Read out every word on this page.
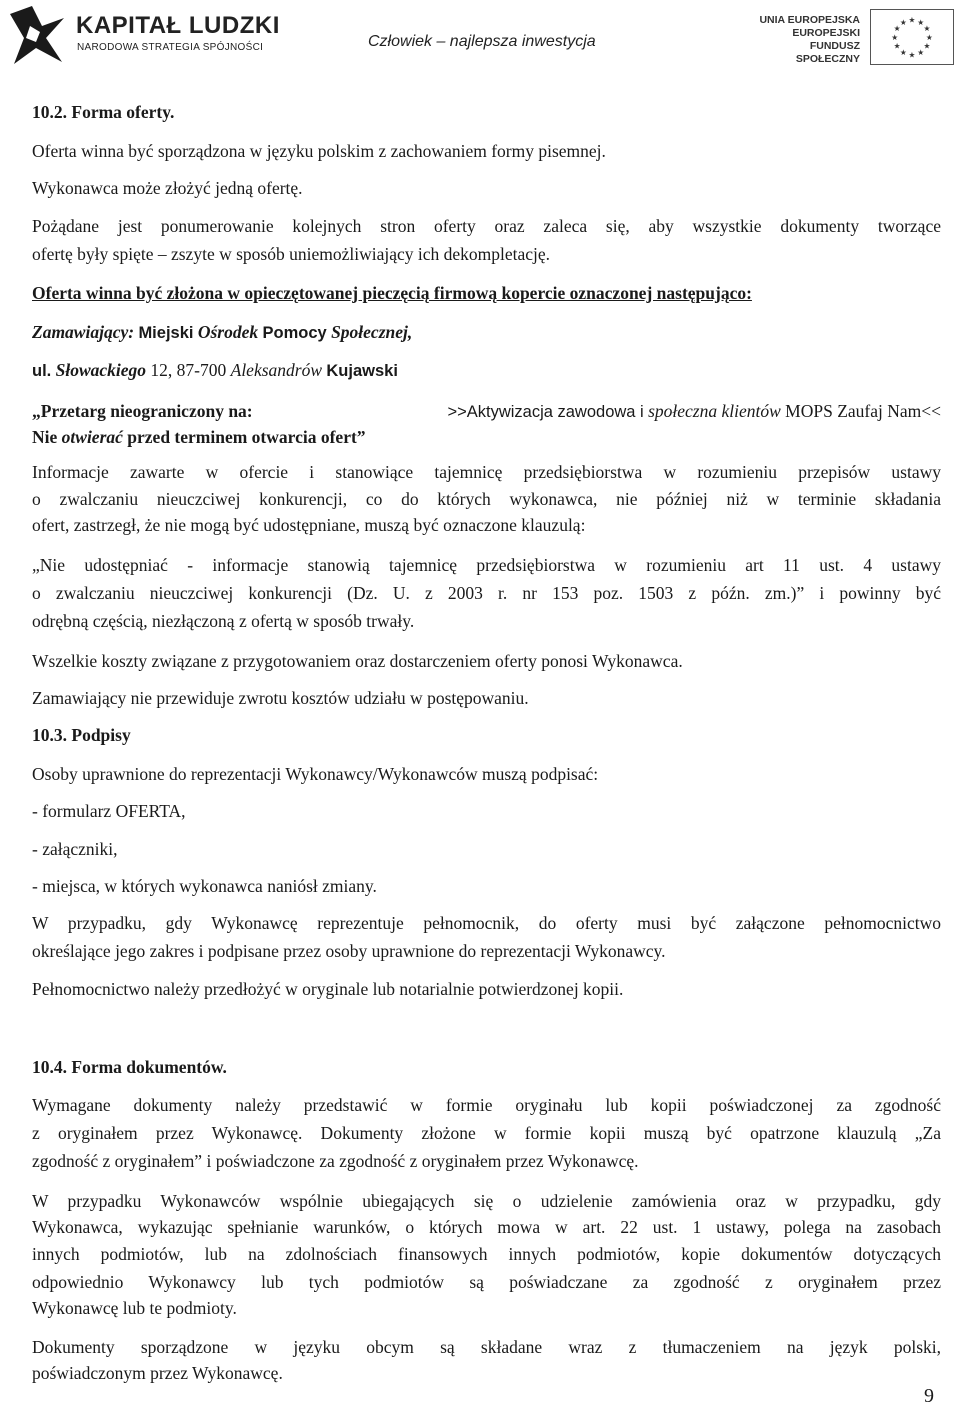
KAPITAŁ LUDZKI
NARODOWA STRATEGIA SPÓJNOŚCI	Człowiek – najlepsza inwestycja
UNIA EUROPEJSKA
EUROPEJSKI
FUNDUSZ SPOŁECZNY
★ ★
★
★
★
★
★
★
★
★
★
★
10.2. Forma oferty.
Oferta winna być sporządzona w języku polskim z zachowaniem formy pisemnej.
Wykonawca może złożyć jedną ofertę.
Pożądane jest ponumerowanie kolejnych stron oferty oraz zaleca się, aby wszystkie dokumenty tworzące
ofertę były spięte – zszyte w sposób uniemożliwiający ich dekompletację.
Oferta winna być złożona w opieczętowanej pieczęcią firmową kopercie oznaczonej następująco:
Zamawiający: Miejski Ośrodek Pomocy Społecznej,
ul. Słowackiego 12, 87-700 Aleksandrów Kujawski
„Przetarg nieograniczony na:	>>Aktywizacja zawodowa i społeczna klientów MOPS Zaufaj Nam<<
Nie otwierać przed terminem otwarcia ofert”
Informacje zawarte w ofercie i stanowiące tajemnicę przedsiębiorstwa w rozumieniu przepisów ustawy
o zwalczaniu nieuczciwej konkurencji, co do których wykonawca, nie później niż w terminie składania
ofert, zastrzegł, że nie mogą być udostępniane, muszą być oznaczone klauzulą:
„Nie udostępniać - informacje stanowią tajemnicę przedsiębiorstwa w rozumieniu art 11 ust. 4 ustawy
o zwalczaniu nieuczciwej konkurencji (Dz. U. z 2003 r. nr 153 poz. 1503 z późn. zm.)” i powinny być
odrębną częścią, niezłączoną z ofertą w sposób trwały.
Wszelkie koszty związane z przygotowaniem oraz dostarczeniem oferty ponosi Wykonawca.
Zamawiający nie przewiduje zwrotu kosztów udziału w postępowaniu.
10.3. Podpisy
Osoby uprawnione do reprezentacji Wykonawcy/Wykonawców muszą podpisać:
- formularz OFERTA,
- załączniki,
- miejsca, w których wykonawca naniósł zmiany.
W przypadku, gdy Wykonawcę reprezentuje pełnomocnik, do oferty musi być załączone pełnomocnictwo
określające jego zakres i podpisane przez osoby uprawnione do reprezentacji Wykonawcy.
Pełnomocnictwo należy przedłożyć w oryginale lub notarialnie potwierdzonej kopii.
10.4. Forma dokumentów.
Wymagane dokumenty należy przedstawić w formie oryginału lub kopii poświadczonej za zgodność
z oryginałem przez Wykonawcę. Dokumenty złożone w formie kopii muszą być opatrzone klauzulą „Za
zgodność z oryginałem” i poświadczone za zgodność z oryginałem przez Wykonawcę.
W przypadku Wykonawców wspólnie ubiegających się o udzielenie zamówienia oraz w przypadku, gdy
Wykonawca, wykazując spełnianie warunków, o których mowa w art. 22 ust. 1 ustawy, polega na zasobach
innych podmiotów, lub na zdolnościach finansowych innych podmiotów, kopie dokumentów dotyczących
odpowiednio Wykonawcy lub tych podmiotów są poświadczane za zgodność z oryginałem przez
Wykonawcę lub te podmioty.
Dokumenty sporządzone w języku obcym są składane wraz z tłumaczeniem na język polski,
poświadczonym przez Wykonawcę.
9
